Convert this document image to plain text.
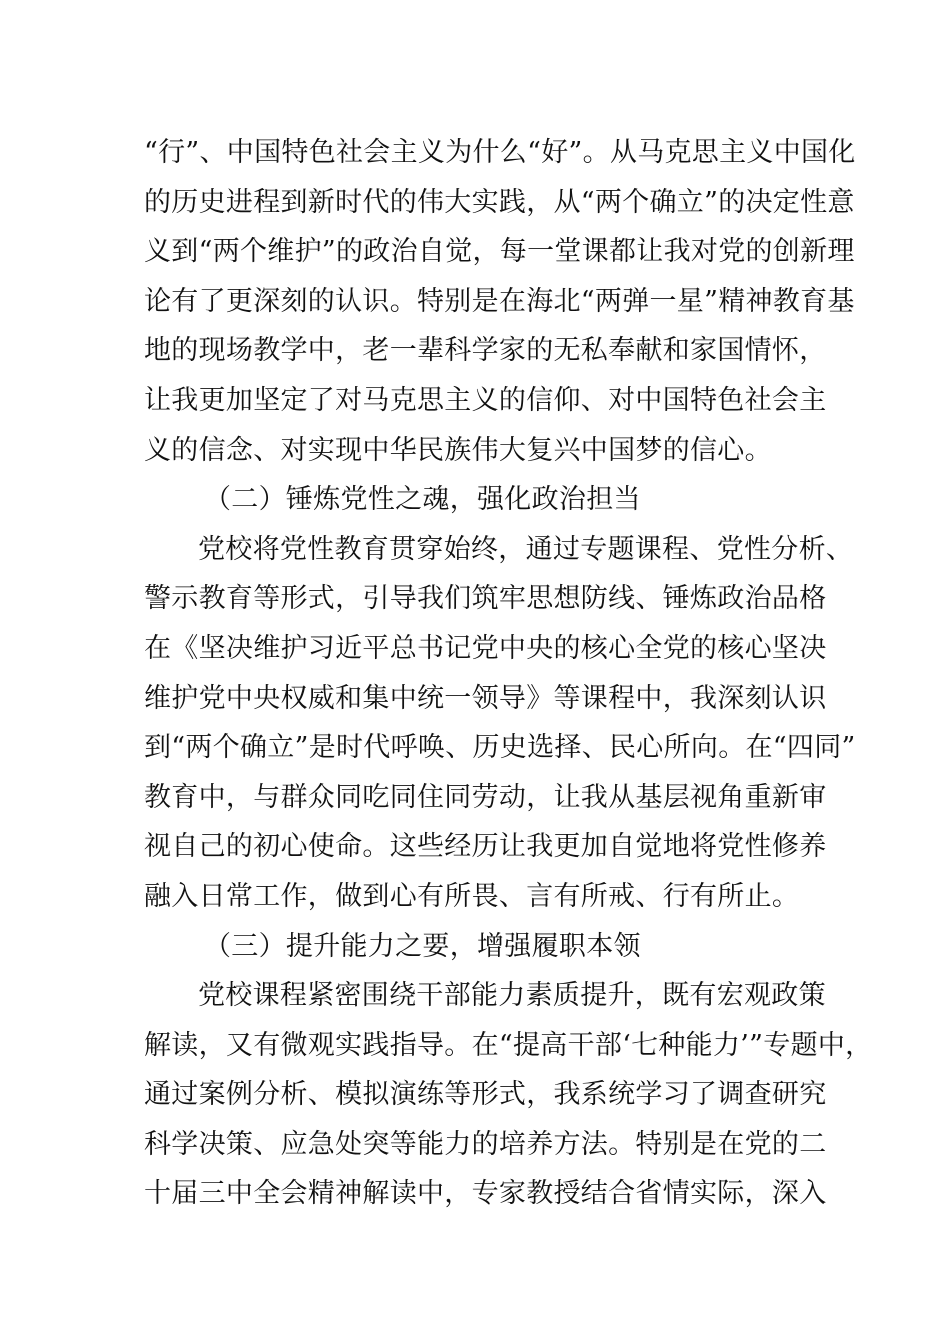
“行”、中国特色社会主义为什么“好”。从马克思主义中国化
的历史进程到新时代的伟大实践，从“两个确立”的决定性意
义到“两个维护”的政治自觉，每一堂课都让我对党的创新理
论有了更深刻的认识。特别是在海北“两弹一星”精神教育基
地的现场教学中，老一辈科学家的无私奉献和家国情怀，
让我更加坚定了对马克思主义的信仰、对中国特色社会主
义的信念、对实现中华民族伟大复兴中国梦的信心。
（二）锤炼党性之魂，强化政治担当
党校将党性教育贯穿始终，通过专题课程、党性分析、
警示教育等形式，引导我们筑牢思想防线、锤炼政治品格
在《坚决维护习近平总书记党中央的核心全党的核心坚决
维护党中央权威和集中统一领导》等课程中，我深刻认识
到“两个确立”是时代呼唤、历史选择、民心所向。在“四同”
教育中，与群众同吃同住同劳动，让我从基层视角重新审
视自己的初心使命。这些经历让我更加自觉地将党性修养
融入日常工作，做到心有所畏、言有所戒、行有所止。
（三）提升能力之要，增强履职本领
党校课程紧密围绕干部能力素质提升，既有宏观政策
解读，又有微观实践指导。在“提高干部‘七种能力’”专题中，
通过案例分析、模拟演练等形式，我系统学习了调查研究
科学决策、应急处突等能力的培养方法。特别是在党的二
十届三中全会精神解读中，专家教授结合省情实际，深入
